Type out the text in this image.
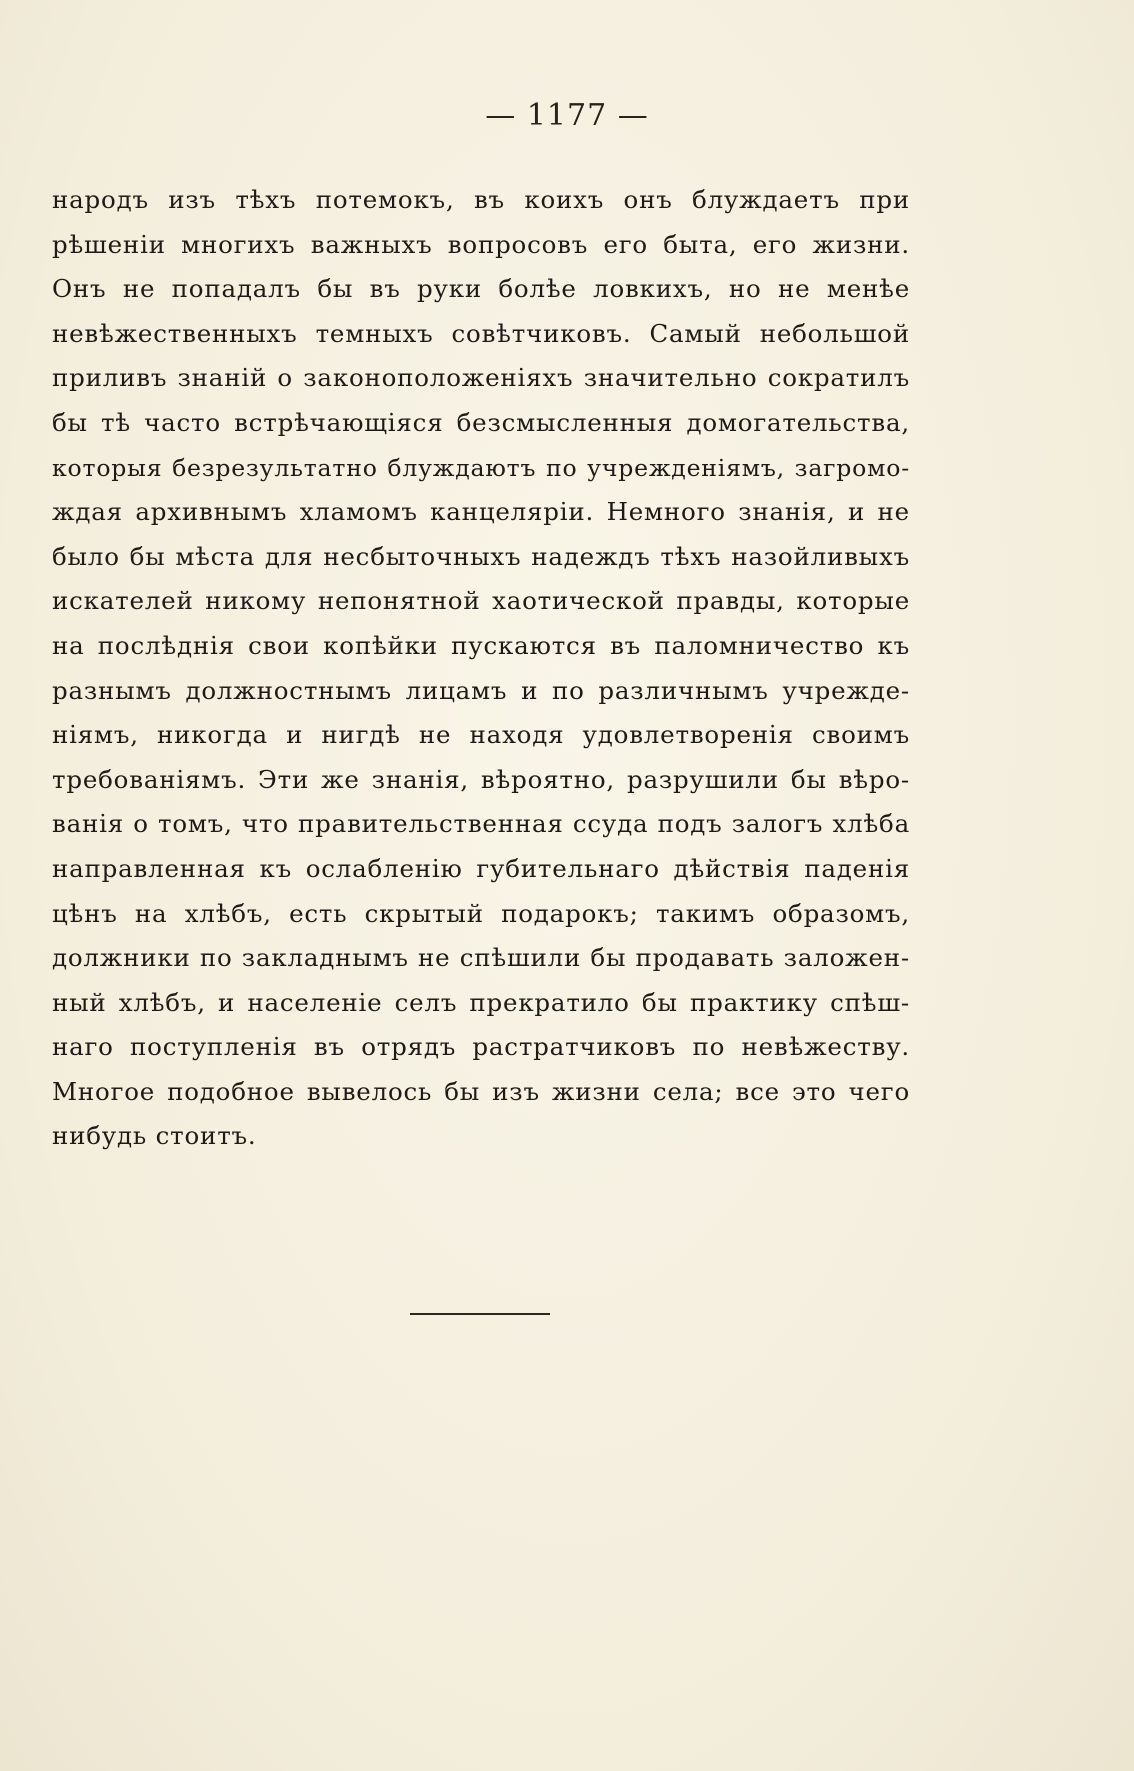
— 1177 —
народъ изъ тѣхъ потемокъ, въ коихъ онъ блуждаетъ при
рѣшеніи многихъ важныхъ вопросовъ его быта, его жизни.
Онъ не попадалъ бы въ руки болѣе ловкихъ, но не менѣе
невѣжественныхъ темныхъ совѣтчиковъ. Самый небольшой
приливъ знаній о законоположеніяхъ значительно сократилъ
бы тѣ часто встрѣчающіяся безсмысленныя домогательства,
которыя безрезультатно блуждаютъ по учрежденіямъ, загромо-
ждая архивнымъ хламомъ канцеляріи. Немного знанія, и не
было бы мѣста для несбыточныхъ надеждъ тѣхъ назойливыхъ
искателей никому непонятной хаотической правды, которые
на послѣднія свои копѣйки пускаются въ паломничество къ
разнымъ должностнымъ лицамъ и по различнымъ учрежде-
ніямъ, никогда и нигдѣ не находя удовлетворенія своимъ
требованіямъ. Эти же знанія, вѣроятно, разрушили бы вѣро-
ванія о томъ, что правительственная ссуда подъ залогъ хлѣба
направленная къ ослабленію губительнаго дѣйствія паденія
цѣнъ на хлѣбъ, есть скрытый подарокъ; такимъ образомъ,
должники по закладнымъ не спѣшили бы продавать заложен-
ный хлѣбъ, и населеніе селъ прекратило бы практику спѣш-
наго поступленія въ отрядъ растратчиковъ по невѣжеству.
Многое подобное вывелось бы изъ жизни села; все это чего
нибудь стоитъ.
